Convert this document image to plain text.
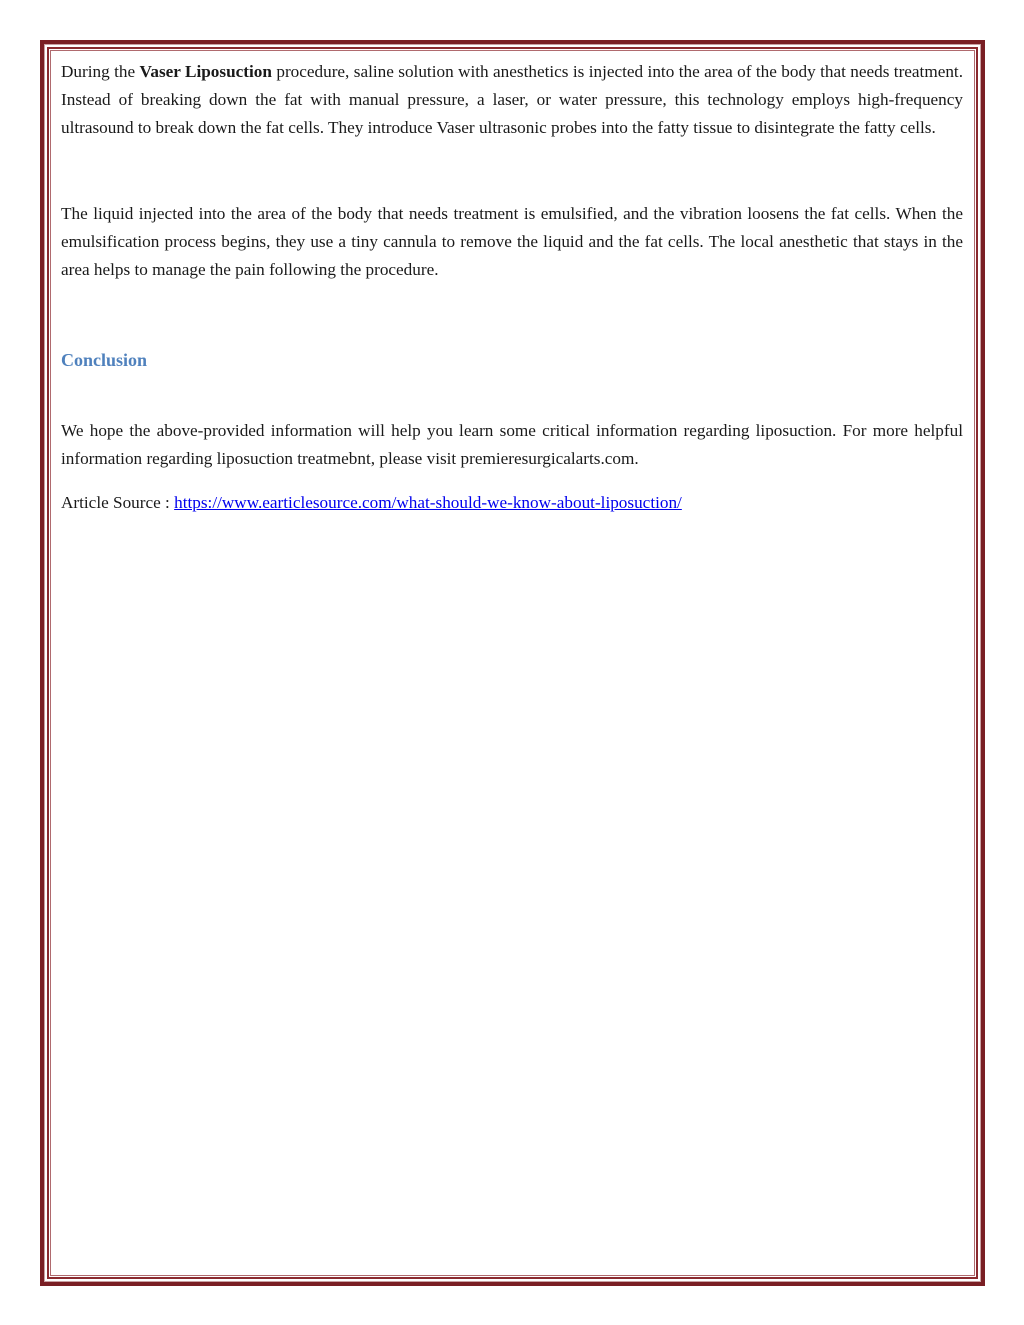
During the Vaser Liposuction procedure, saline solution with anesthetics is injected into the area of the body that needs treatment. Instead of breaking down the fat with manual pressure, a laser, or water pressure, this technology employs high-frequency ultrasound to break down the fat cells. They introduce Vaser ultrasonic probes into the fatty tissue to disintegrate the fatty cells.

The liquid injected into the area of the body that needs treatment is emulsified, and the vibration loosens the fat cells. When the emulsification process begins, they use a tiny cannula to remove the liquid and the fat cells. The local anesthetic that stays in the area helps to manage the pain following the procedure.

Conclusion

We hope the above-provided information will help you learn some critical information regarding liposuction. For more helpful information regarding liposuction treatmebnt, please visit premieresurgicalarts.com.

Article Source : https://www.earticlesource.com/what-should-we-know-about-liposuction/
